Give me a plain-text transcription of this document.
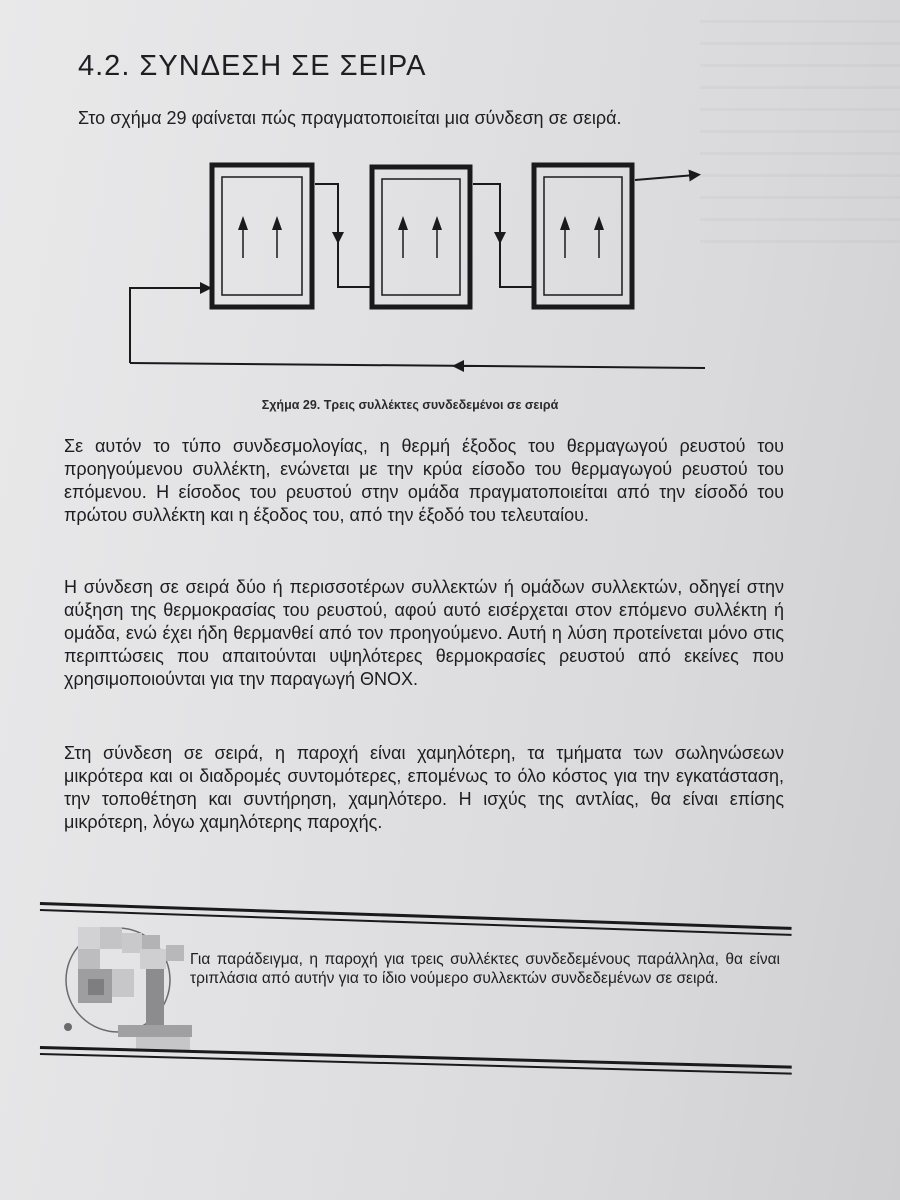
4.2. ΣΥΝΔΕΣΗ ΣΕ ΣΕΙΡΑ
Στο σχήμα 29 φαίνεται πώς πραγματοποιείται μια σύνδεση σε σειρά.
Σχήμα 29. Τρεις συλλέκτες συνδεδεμένοι σε σειρά

Σε αυτόν το τύπο συνδεσμολογίας, η θερμή έξοδος του θερμαγωγού ρευστού του προηγούμενου συλλέκτη, ενώνεται με την κρύα είσοδο του θερμαγωγού ρευστού του επόμενου. Η είσοδος του ρευστού στην ομάδα πραγματοποιείται από την είσοδό του πρώτου συλλέκτη και η έξοδος του, από την έξοδό του τελευταίου.

Η σύνδεση σε σειρά δύο ή περισσοτέρων συλλεκτών ή ομάδων συλλεκτών, οδηγεί στην αύξηση της θερμοκρασίας του ρευστού, αφού αυτό εισέρχεται στον επόμενο συλλέκτη ή ομάδα, ενώ έχει ήδη θερμανθεί από τον προηγούμενο. Αυτή η λύση προτείνεται μόνο στις περιπτώσεις που απαιτούνται υψηλότερες θερμοκρασίες ρευστού από εκείνες που χρησιμοποιούνται για την παραγωγή ΘΝΟΧ.

Στη σύνδεση σε σειρά, η παροχή είναι χαμηλότερη, τα τμήματα των σωληνώσεων μικρότερα και οι διαδρομές συντομότερες, επομένως το όλο κόστος για την εγκατάσταση, την τοποθέτηση και συντήρηση, χαμηλότερο. Η ισχύς της αντλίας, θα είναι επίσης μικρότερη, λόγω χαμηλότερης παροχής.

Για παράδειγμα, η παροχή για τρεις συλλέκτες συνδεδεμένους παράλληλα, θα είναι τριπλάσια από αυτήν για το ίδιο νούμερο συλλεκτών συνδεδεμένων σε σειρά.
